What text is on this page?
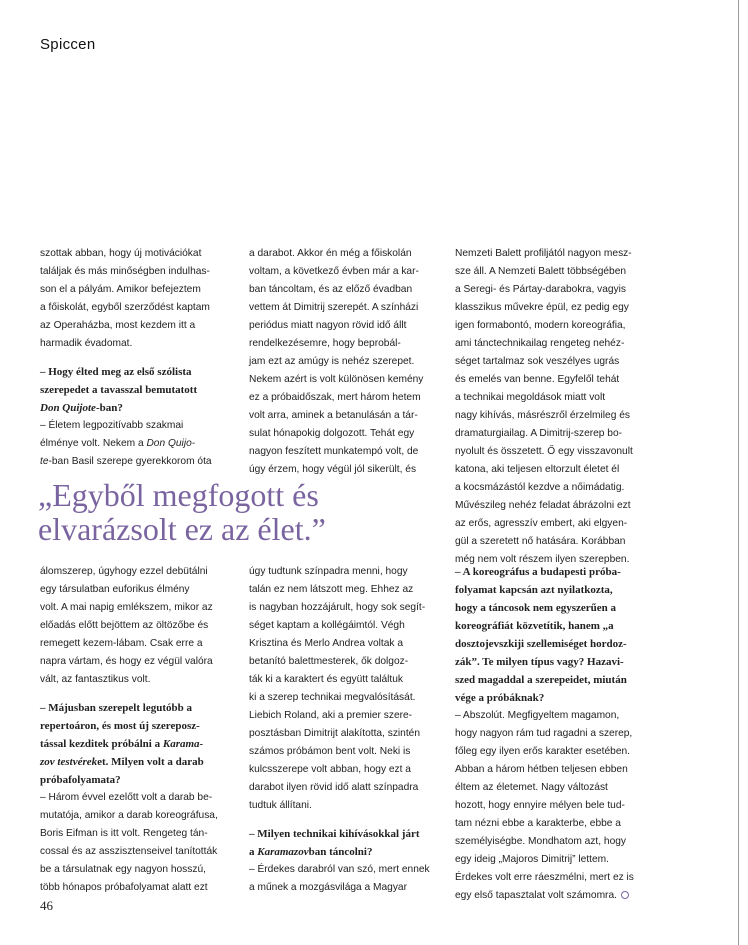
Spiccen

szottak abban, hogy új motivációkat

találjak és más minőségben indulhas-

son el a pályám. Amikor befejeztem

a főiskolát, egyből szerződést kaptam

az Operaházba, most kezdem itt a

harmadik évadomat.

– Hogy élted meg az első szólista

szerepedet a tavasszal bemutatott

Don Quijote-ban?

– Életem legpozitívabb szakmai

élménye volt. Nekem a Don Quijo-

te-ban Basil szerepe gyerekkorom óta

a darabot. Akkor én még a főiskolán

voltam, a következő évben már a kar-

ban táncoltam, és az előző évadban

vettem át Dimitrij szerepét. A színházi

periódus miatt nagyon rövid idő állt

rendelkezésemre, hogy beprobál-

jam ezt az amúgy is nehéz szerepet.

Nekem azért is volt különösen kemény

ez a próbaidőszak, mert három hetem

volt arra, aminek a betanulásán a tár-

sulat hónapokig dolgozott. Tehát egy

nagyon feszített munkatempó volt, de

úgy érzem, hogy végül jól sikerült, és

Nemzeti Balett profiljától nagyon mesz-

sze áll. A Nemzeti Balett többségében

a Seregi- és Pártay-darabokra, vagyis

klasszikus művekre épül, ez pedig egy

igen formabontó, modern koreográfia,

ami tánctechnikailag rengeteg nehéz-

séget tartalmaz sok veszélyes ugrás

és emelés van benne. Egyfelől tehát

a technikai megoldások miatt volt

nagy kihívás, másrészről érzelmileg és

dramaturgiailag. A Dimitrij-szerep bo-

nyolult és összetett. Ő egy visszavonult

katona, aki teljesen eltorzult életet él

a kocsmázástól kezdve a nőimádatig.

Művészileg nehéz feladat ábrázolni ezt

az erős, agresszív embert, aki elgyen-

gül a szeretett nő hatására. Korábban

még nem volt részem ilyen szerepben.

„Egyből megfogott és
elvarázsolt ez az élet.”

álomszerep, úgyhogy ezzel debütálni

egy társulatban euforikus élmény

volt. A mai napig emlékszem, mikor az

előadás előtt bejöttem az öltözőbe és

remegett kezem-lábam. Csak erre a

napra vártam, és hogy ez végül valóra

vált, az fantasztikus volt.

– Májusban szerepelt legutóbb a

repertoáron, és most új szereposz-

tással kezditek próbálni a Karama-

zov testvéreket. Milyen volt a darab

próbafolyamata?

– Három évvel ezelőtt volt a darab be-

mutatója, amikor a darab koreográfusa,

Boris Eifman is itt volt. Rengeteg tán-

cossal és az asszisztenseivel tanították

be a társulatnak egy nagyon hosszú,

több hónapos próbafolyamat alatt ezt

úgy tudtunk színpadra menni, hogy

talán ez nem látszott meg. Ehhez az

is nagyban hozzájárult, hogy sok segít-

séget kaptam a kollégáimtól. Végh

Krisztina és Merlo Andrea voltak a

betanító balettmesterek, ők dolgoz-

ták ki a karaktert és együtt találtuk

ki a szerep technikai megvalósítását.

Liebich Roland, aki a premier szere-

posztásban Dimitrijt alakította, szintén

számos próbámon bent volt. Neki is

kulcsszerepe volt abban, hogy ezt a

darabot ilyen rövid idő alatt színpadra

tudtuk állítani.

– Milyen technikai kihívásokkal járt

a Karamazovban táncolni?

– Érdekes darabról van szó, mert ennek

a műnek a mozgásvilága a Magyar

– A koreográfus a budapesti próba-

folyamat kapcsán azt nyilatkozta,

hogy a táncosok nem egyszerűen a

koreográfiát közvetítik, hanem „a

dosztojevszkiji szellemiséget hordoz-

zák”. Te milyen típus vagy? Hazavi-

szed magaddal a szerepeidet, miután

vége a próbáknak?

– Abszolút. Megfigyeltem magamon,

hogy nagyon rám tud ragadni a szerep,

főleg egy ilyen erős karakter esetében.

Abban a három hétben teljesen ebben

éltem az életemet. Nagy változást

hozott, hogy ennyire mélyen bele tud-

tam nézni ebbe a karakterbe, ebbe a

személyiségbe. Mondhatom azt, hogy

egy ideig „Majoros Dimitrij” lettem.

Érdekes volt erre ráeszmélni, mert ez is

egy első tapasztalat volt számomra.

46
